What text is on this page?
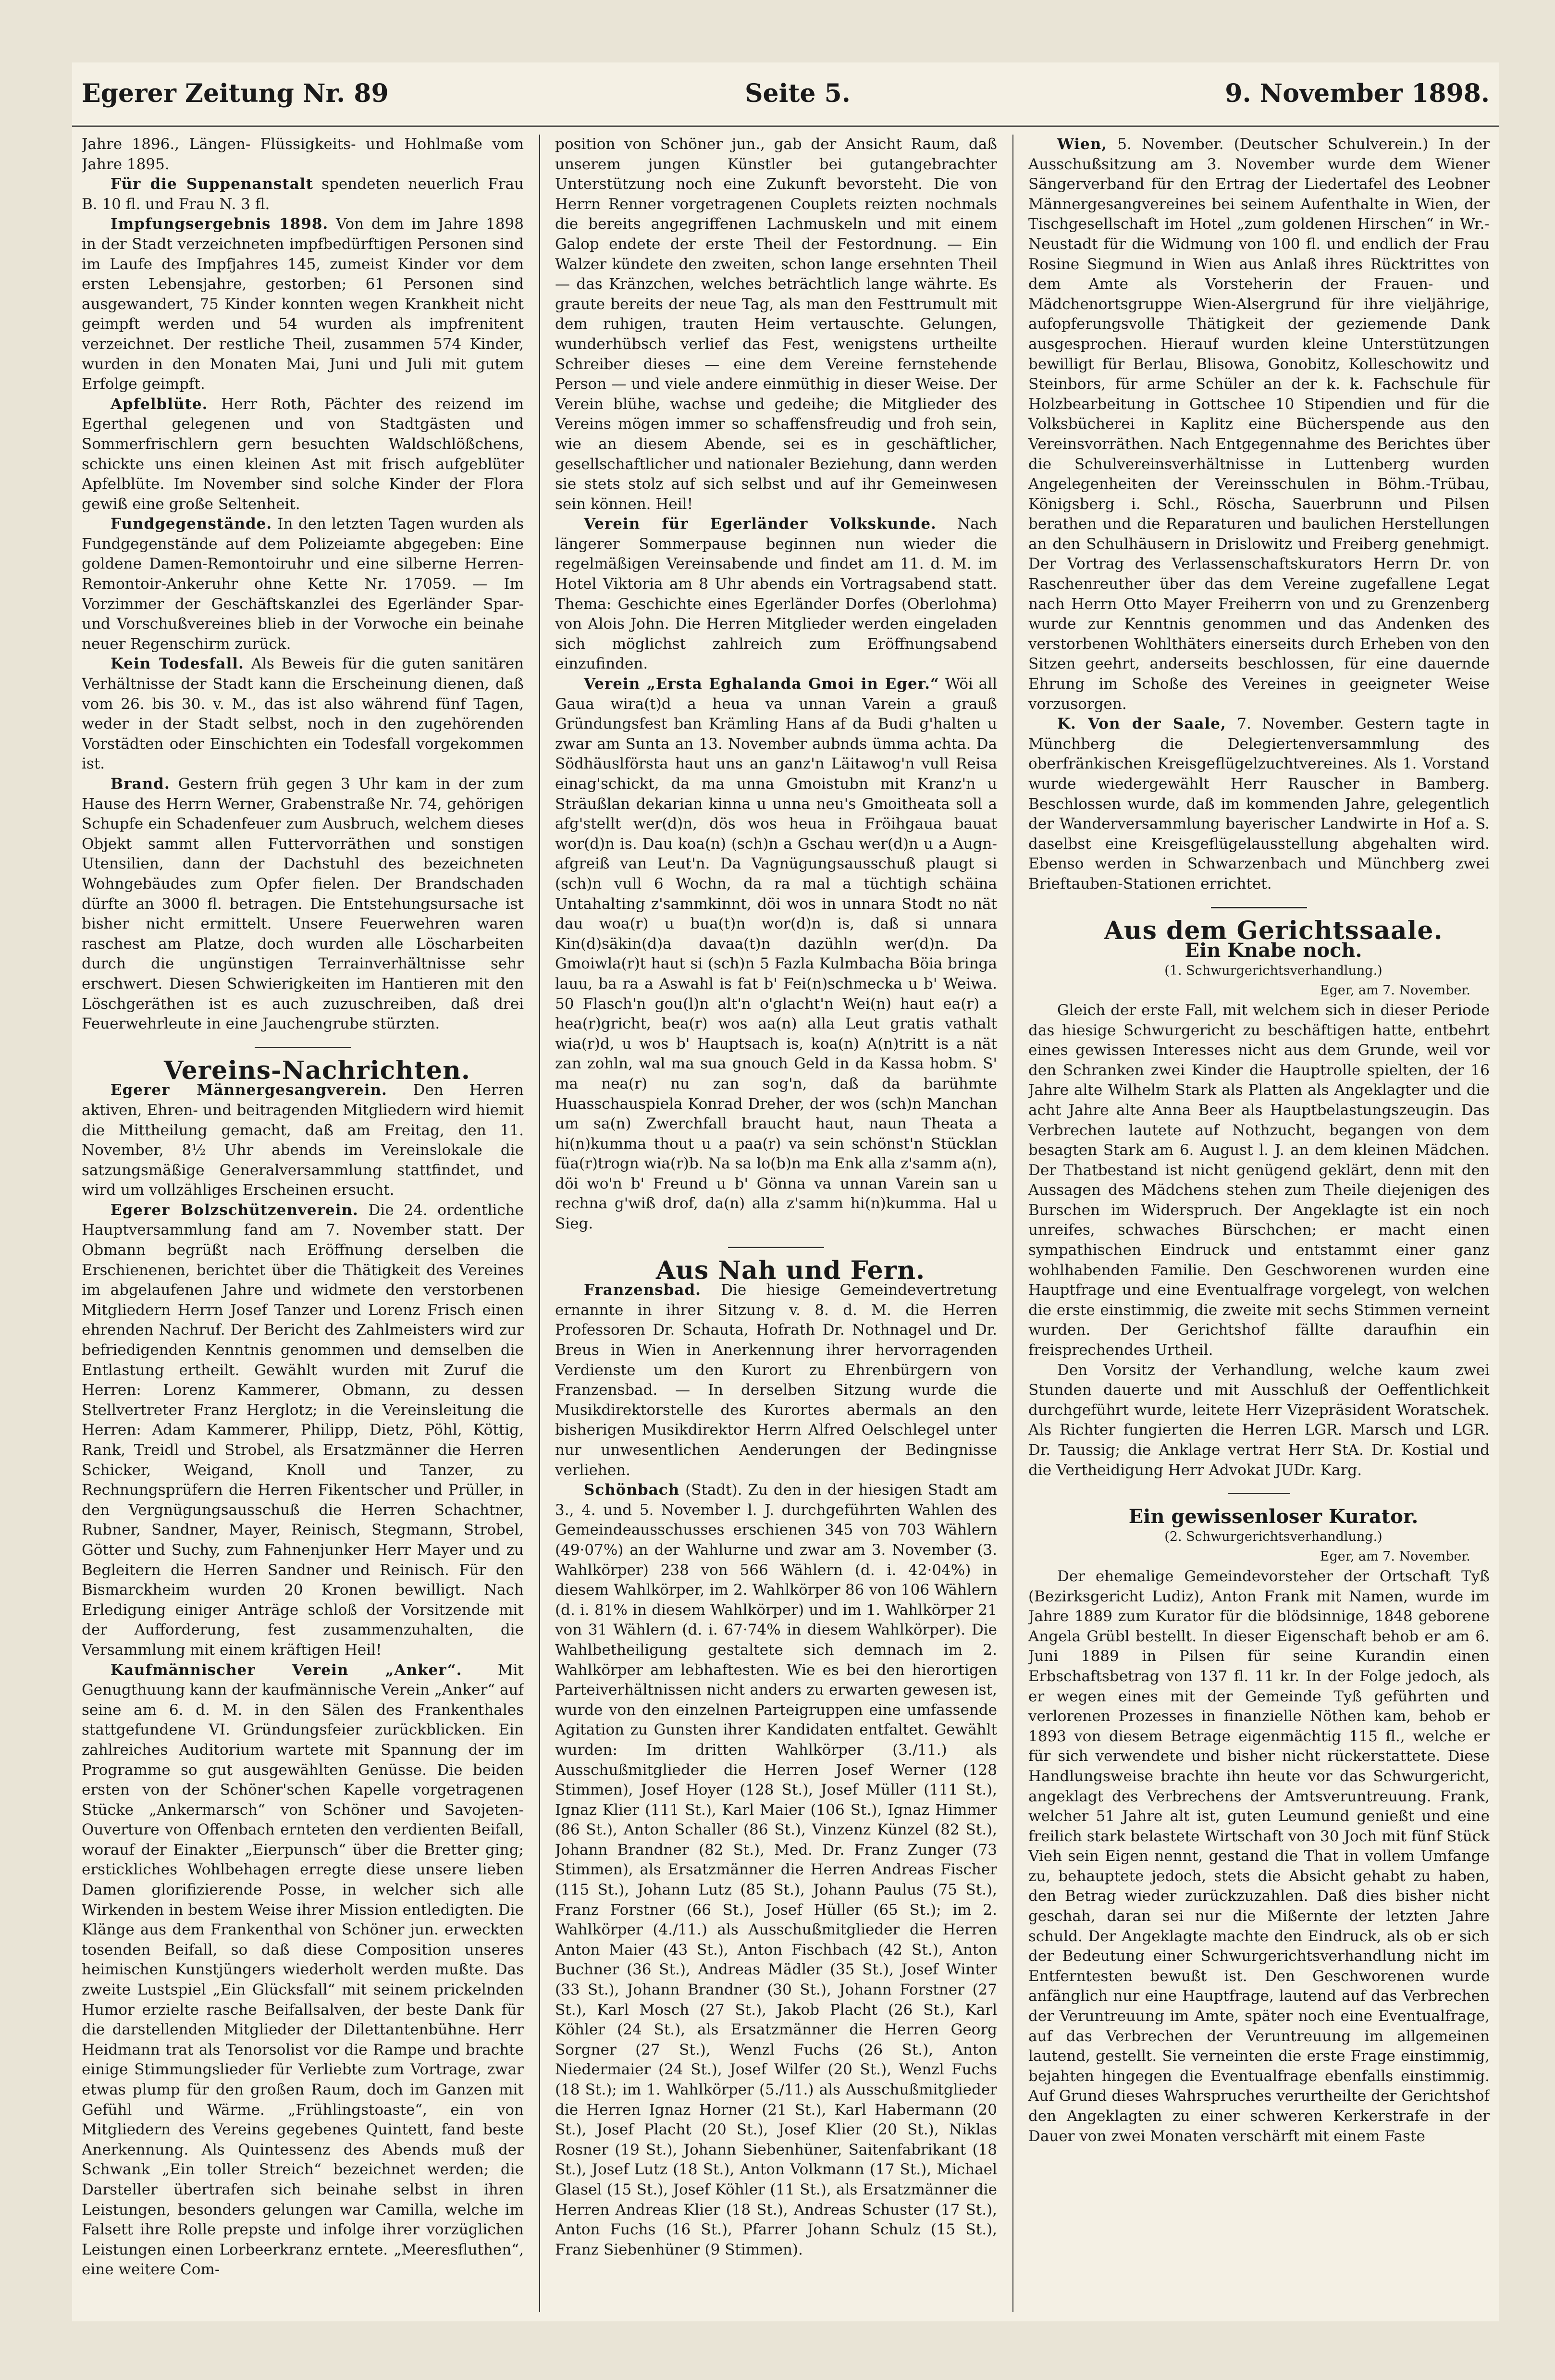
Egerer Zeitung Nr. 89	Seite 5.	9. November 1898.

Jahre 1896., Längen- Flüssigkeits- und Hohlmaße vom Jahre 1895.

Für die Suppenanstalt spendeten neuerlich Frau B. 10 fl. und Frau N. 3 fl.

Impfungsergebnis 1898. Von dem im Jahre 1898 in der Stadt verzeichneten impfbedürftigen Personen sind im Laufe des Impfjahres 145, zumeist Kinder vor dem ersten Lebensjahre, gestorben; 61 Personen sind ausgewandert, 75 Kinder konnten wegen Krankheit nicht geimpft werden und 54 wurden als impfrenitent verzeichnet. Der restliche Theil, zusammen 574 Kinder, wurden in den Monaten Mai, Juni und Juli mit gutem Erfolge geimpft.

Apfelblüte. Herr Roth, Pächter des reizend im Egerthal gelegenen und von Stadtgästen und Sommerfrischlern gern besuchten Waldschlößchens, schickte uns einen kleinen Ast mit frisch aufgeblüter Apfelblüte. Im November sind solche Kinder der Flora gewiß eine große Seltenheit.

Fundgegenstände. In den letzten Tagen wurden als Fundgegenstände auf dem Polizeiamte abgegeben: Eine goldene Damen-Remontoiruhr und eine silberne Herren-Remontoir-Ankeruhr ohne Kette Nr. 17059. — Im Vorzimmer der Geschäftskanzlei des Egerländer Spar- und Vorschußvereines blieb in der Vorwoche ein beinahe neuer Regenschirm zurück.

Kein Todesfall. Als Beweis für die guten sanitären Verhältnisse der Stadt kann die Erscheinung dienen, daß vom 26. bis 30. v. M., das ist also während fünf Tagen, weder in der Stadt selbst, noch in den zugehörenden Vorstädten oder Einschichten ein Todesfall vorgekommen ist.

Brand. Gestern früh gegen 3 Uhr kam in der zum Hause des Herrn Werner, Grabenstraße Nr. 74, gehörigen Schupfe ein Schadenfeuer zum Ausbruch, welchem dieses Objekt sammt allen Futtervorräthen und sonstigen Utensilien, dann der Dachstuhl des bezeichneten Wohngebäudes zum Opfer fielen. Der Brandschaden dürfte an 3000 fl. betragen. Die Entstehungsursache ist bisher nicht ermittelt. Unsere Feuerwehren waren raschest am Platze, doch wurden alle Löscharbeiten durch die ungünstigen Terrainverhältnisse sehr erschwert. Diesen Schwierigkeiten im Hantieren mit den Löschgeräthen ist es auch zuzuschreiben, daß drei Feuerwehrleute in eine Jauchengrube stürzten.

Vereins-Nachrichten.

Egerer Männergesangverein. Den Herren aktiven, Ehren- und beitragenden Mitgliedern wird hiemit die Mittheilung gemacht, daß am Freitag, den 11. November, 8½ Uhr abends im Vereinslokale die satzungsmäßige Generalversammlung stattfindet, und wird um vollzähliges Erscheinen ersucht.

Egerer Bolzschützenverein. Die 24. ordentliche Hauptversammlung fand am 7. November statt. Der Obmann begrüßt nach Eröffnung derselben die Erschienenen, berichtet über die Thätigkeit des Vereines im abgelaufenen Jahre und widmete den verstorbenen Mitgliedern Herrn Josef Tanzer und Lorenz Frisch einen ehrenden Nachruf. Der Bericht des Zahlmeisters wird zur befriedigenden Kenntnis genommen und demselben die Entlastung ertheilt. Gewählt wurden mit Zuruf die Herren: Lorenz Kammerer, Obmann, zu dessen Stellvertreter Franz Herglotz; in die Vereinsleitung die Herren: Adam Kammerer, Philipp, Dietz, Pöhl, Köttig, Rank, Treidl und Strobel, als Ersatzmänner die Herren Schicker, Weigand, Knoll und Tanzer, zu Rechnungsprüfern die Herren Fikentscher und Prüller, in den Vergnügungsausschuß die Herren Schachtner, Rubner, Sandner, Mayer, Reinisch, Stegmann, Strobel, Götter und Suchy, zum Fahnenjunker Herr Mayer und zu Begleitern die Herren Sandner und Reinisch. Für den Bismarckheim wurden 20 Kronen bewilligt. Nach Erledigung einiger Anträge schloß der Vorsitzende mit der Aufforderung, fest zusammenzuhalten, die Versammlung mit einem kräftigen Heil!

Kaufmännischer Verein „Anker“. Mit Genugthuung kann der kaufmännische Verein „Anker“ auf seine am 6. d. M. in den Sälen des Frankenthales stattgefundene VI. Gründungsfeier zurückblicken. Ein zahlreiches Auditorium wartete mit Spannung der im Programme so gut ausgewählten Genüsse. Die beiden ersten von der Schöner'schen Kapelle vorgetragenen Stücke „Ankermarsch“ von Schöner und Savojeten-Ouverture von Offenbach ernteten den verdienten Beifall, worauf der Einakter „Eierpunsch“ über die Bretter ging; erstickliches Wohlbehagen erregte diese unsere lieben Damen glorifizierende Posse, in welcher sich alle Wirkenden in bestem Weise ihrer Mission entledigten. Die Klänge aus dem Frankenthal von Schöner jun. erweckten tosenden Beifall, so daß diese Composition unseres heimischen Kunstjüngers wiederholt werden mußte. Das zweite Lustspiel „Ein Glücksfall“ mit seinem prickelnden Humor erzielte rasche Beifallsalven, der beste Dank für die darstellenden Mitglieder der Dilettantenbühne. Herr Heidmann trat als Tenorsolist vor die Rampe und brachte einige Stimmungslieder für Verliebte zum Vortrage, zwar etwas plump für den großen Raum, doch im Ganzen mit Gefühl und Wärme. „Frühlingstoaste“, ein von Mitgliedern des Vereins gegebenes Quintett, fand beste Anerkennung. Als Quintessenz des Abends muß der Schwank „Ein toller Streich“ bezeichnet werden; die Darsteller übertrafen sich beinahe selbst in ihren Leistungen, besonders gelungen war Camilla, welche im Falsett ihre Rolle prepste und infolge ihrer vorzüglichen Leistungen einen Lorbeerkranz erntete. „Meeresfluthen“, eine weitere Com-

position von Schöner jun., gab der Ansicht Raum, daß unserem jungen Künstler bei gutangebrachter Unterstützung noch eine Zukunft bevorsteht. Die von Herrn Renner vorgetragenen Couplets reizten nochmals die bereits angegriffenen Lachmuskeln und mit einem Galop endete der erste Theil der Festordnung. — Ein Walzer kündete den zweiten, schon lange ersehnten Theil — das Kränzchen, welches beträchtlich lange währte. Es graute bereits der neue Tag, als man den Festtrumult mit dem ruhigen, trauten Heim vertauschte. Gelungen, wunderhübsch verlief das Fest, wenigstens urtheilte Schreiber dieses — eine dem Vereine fernstehende Person — und viele andere einmüthig in dieser Weise. Der Verein blühe, wachse und gedeihe; die Mitglieder des Vereins mögen immer so schaffensfreudig und froh sein, wie an diesem Abende, sei es in geschäftlicher, gesellschaftlicher und nationaler Beziehung, dann werden sie stets stolz auf sich selbst und auf ihr Gemeinwesen sein können. Heil!

Verein für Egerländer Volkskunde. Nach längerer Sommerpause beginnen nun wieder die regelmäßigen Vereinsabende und findet am 11. d. M. im Hotel Viktoria am 8 Uhr abends ein Vortragsabend statt. Thema: Geschichte eines Egerländer Dorfes (Oberlohma) von Alois John. Die Herren Mitglieder werden eingeladen sich möglichst zahlreich zum Eröffnungsabend einzufinden.

Verein „Ersta Eghalanda Gmoi in Eger.“ Wöi all Gaua wira(t)d a heua va unnan Varein a grauß Gründungsfest ban Krämling Hans af da Budi g'halten u zwar am Sunta an 13. November aubnds ümma achta. Da Södhäuslförsta haut uns an ganz'n Läitawog'n vull Reisa einag'schickt, da ma unna Gmoistubn mit Kranz'n u Sträußlan dekarian kinna u unna neu's Gmoitheata soll a afg'stellt wer(d)n, dös wos heua in Fröihgaua bauat wor(d)n is. Dau koa(n) (sch)n a Gschau wer(d)n u a Augn-afgreiß van Leut'n. Da Vagnügungsausschuß plaugt si (sch)n vull 6 Wochn, da ra mal a tüchtigh schäina Untahalting z'sammkinnt, döi wos in unnara Stodt no nät dau woa(r) u bua(t)n wor(d)n is, daß si unnara Kin(d)säkin(d)a davaa(t)n dazühln wer(d)n. Da Gmoiwla(r)t haut si (sch)n 5 Fazla Kulmbacha Böia bringa lauu, ba ra a Aswahl is fat b' Fei(n)schmecka u b' Weiwa. 50 Flasch'n gou(l)n alt'n o'glacht'n Wei(n) haut ea(r) a hea(r)gricht, bea(r) wos aa(n) alla Leut gratis vathalt wia(r)d, u wos b' Hauptsach is, koa(n) A(n)tritt is a nät zan zohln, wal ma sua gnouch Geld in da Kassa hobm. S' ma nea(r) nu zan sog'n, daß da barühmte Huasschauspiela Konrad Dreher, der wos (sch)n Manchan um sa(n) Zwerchfall braucht haut, naun Theata a hi(n)kumma thout u a paa(r) va sein schönst'n Stücklan füa(r)trogn wia(r)b. Na sa lo(b)n ma Enk alla z'samm a(n), döi wo'n b' Freund u b' Gönna va unnan Varein san u rechna g'wiß drof, da(n) alla z'samm hi(n)kumma. Hal u Sieg.

Aus Nah und Fern.

Franzensbad. Die hiesige Gemeindevertretung ernannte in ihrer Sitzung v. 8. d. M. die Herren Professoren Dr. Schauta, Hofrath Dr. Nothnagel und Dr. Breus in Wien in Anerkennung ihrer hervorragenden Verdienste um den Kurort zu Ehrenbürgern von Franzensbad. — In derselben Sitzung wurde die Musikdirektorstelle des Kurortes abermals an den bisherigen Musikdirektor Herrn Alfred Oelschlegel unter nur unwesentlichen Aenderungen der Bedingnisse verliehen.

Schönbach (Stadt). Zu den in der hiesigen Stadt am 3., 4. und 5. November l. J. durchgeführten Wahlen des Gemeindeausschusses erschienen 345 von 703 Wählern (49·07%) an der Wahlurne und zwar am 3. November (3. Wahlkörper) 238 von 566 Wählern (d. i. 42·04%) in diesem Wahlkörper, im 2. Wahlkörper 86 von 106 Wählern (d. i. 81% in diesem Wahlkörper) und im 1. Wahlkörper 21 von 31 Wählern (d. i. 67·74% in diesem Wahlkörper). Die Wahlbetheiligung gestaltete sich demnach im 2. Wahlkörper am lebhaftesten. Wie es bei den hierortigen Parteiverhältnissen nicht anders zu erwarten gewesen ist, wurde von den einzelnen Parteigruppen eine umfassende Agitation zu Gunsten ihrer Kandidaten entfaltet. Gewählt wurden: Im dritten Wahlkörper (3./11.) als Ausschußmitglieder die Herren Josef Werner (128 Stimmen), Josef Hoyer (128 St.), Josef Müller (111 St.), Ignaz Klier (111 St.), Karl Maier (106 St.), Ignaz Himmer (86 St.), Anton Schaller (86 St.), Vinzenz Künzel (82 St.), Johann Brandner (82 St.), Med. Dr. Franz Zunger (73 Stimmen), als Ersatzmänner die Herren Andreas Fischer (115 St.), Johann Lutz (85 St.), Johann Paulus (75 St.), Franz Forstner (66 St.), Josef Hüller (65 St.); im 2. Wahlkörper (4./11.) als Ausschußmitglieder die Herren Anton Maier (43 St.), Anton Fischbach (42 St.), Anton Buchner (36 St.), Andreas Mädler (35 St.), Josef Winter (33 St.), Johann Brandner (30 St.), Johann Forstner (27 St.), Karl Mosch (27 St.), Jakob Placht (26 St.), Karl Köhler (24 St.), als Ersatzmänner die Herren Georg Sorgner (27 St.), Wenzl Fuchs (26 St.), Anton Niedermaier (24 St.), Josef Wilfer (20 St.), Wenzl Fuchs (18 St.); im 1. Wahlkörper (5./11.) als Ausschußmitglieder die Herren Ignaz Horner (21 St.), Karl Habermann (20 St.), Josef Placht (20 St.), Josef Klier (20 St.), Niklas Rosner (19 St.), Johann Siebenhüner, Saitenfabrikant (18 St.), Josef Lutz (18 St.), Anton Volkmann (17 St.), Michael Glasel (15 St.), Josef Köhler (11 St.), als Ersatzmänner die Herren Andreas Klier (18 St.), Andreas Schuster (17 St.), Anton Fuchs (16 St.), Pfarrer Johann Schulz (15 St.), Franz Siebenhüner (9 Stimmen).

Wien, 5. November. (Deutscher Schulverein.) In der Ausschußsitzung am 3. November wurde dem Wiener Sängerverband für den Ertrag der Liedertafel des Leobner Männergesangvereines bei seinem Aufenthalte in Wien, der Tischgesellschaft im Hotel „zum goldenen Hirschen“ in Wr.-Neustadt für die Widmung von 100 fl. und endlich der Frau Rosine Siegmund in Wien aus Anlaß ihres Rücktrittes von dem Amte als Vorsteherin der Frauen- und Mädchenortsgruppe Wien-Alsergrund für ihre vieljährige, aufopferungsvolle Thätigkeit der geziemende Dank ausgesprochen. Hierauf wurden kleine Unterstützungen bewilligt für Berlau, Blisowa, Gonobitz, Kolleschowitz und Steinbors, für arme Schüler an der k. k. Fachschule für Holzbearbeitung in Gottschee 10 Stipendien und für die Volksbücherei in Kaplitz eine Bücherspende aus den Vereinsvorräthen. Nach Entgegennahme des Berichtes über die Schulvereinsverhältnisse in Luttenberg wurden Angelegenheiten der Vereinsschulen in Böhm.-Trübau, Königsberg i. Schl., Röscha, Sauerbrunn und Pilsen berathen und die Reparaturen und baulichen Herstellungen an den Schulhäusern in Drislowitz und Freiberg genehmigt. Der Vortrag des Verlassenschaftskurators Herrn Dr. von Raschenreuther über das dem Vereine zugefallene Legat nach Herrn Otto Mayer Freiherrn von und zu Grenzenberg wurde zur Kenntnis genommen und das Andenken des verstorbenen Wohlthäters einerseits durch Erheben von den Sitzen geehrt, anderseits beschlossen, für eine dauernde Ehrung im Schoße des Vereines in geeigneter Weise vorzusorgen.

K. Von der Saale, 7. November. Gestern tagte in Münchberg die Delegiertenversammlung des oberfränkischen Kreisgeflügelzuchtvereines. Als 1. Vorstand wurde wiedergewählt Herr Rauscher in Bamberg. Beschlossen wurde, daß im kommenden Jahre, gelegentlich der Wanderversammlung bayerischer Landwirte in Hof a. S. daselbst eine Kreisgeflügelausstellung abgehalten wird. Ebenso werden in Schwarzenbach und Münchberg zwei Brieftauben-Stationen errichtet.

Aus dem Gerichtssaale.

Ein Knabe noch.

(1. Schwurgerichtsverhandlung.)

Eger, am 7. November.

Gleich der erste Fall, mit welchem sich in dieser Periode das hiesige Schwurgericht zu beschäftigen hatte, entbehrt eines gewissen Interesses nicht aus dem Grunde, weil vor den Schranken zwei Kinder die Hauptrolle spielten, der 16 Jahre alte Wilhelm Stark als Platten als Angeklagter und die acht Jahre alte Anna Beer als Hauptbelastungszeugin. Das Verbrechen lautete auf Nothzucht, begangen von dem besagten Stark am 6. August l. J. an dem kleinen Mädchen. Der Thatbestand ist nicht genügend geklärt, denn mit den Aussagen des Mädchens stehen zum Theile diejenigen des Burschen im Widerspruch. Der Angeklagte ist ein noch unreifes, schwaches Bürschchen; er macht einen sympathischen Eindruck und entstammt einer ganz wohlhabenden Familie. Den Geschworenen wurden eine Hauptfrage und eine Eventualfrage vorgelegt, von welchen die erste einstimmig, die zweite mit sechs Stimmen verneint wurden. Der Gerichtshof fällte daraufhin ein freisprechendes Urtheil.

Den Vorsitz der Verhandlung, welche kaum zwei Stunden dauerte und mit Ausschluß der Oeffentlichkeit durchgeführt wurde, leitete Herr Vizepräsident Woratschek. Als Richter fungierten die Herren LGR. Marsch und LGR. Dr. Taussig; die Anklage vertrat Herr StA. Dr. Kostial und die Vertheidigung Herr Advokat JUDr. Karg.

Ein gewissenloser Kurator.

(2. Schwurgerichtsverhandlung.)

Eger, am 7. November.

Der ehemalige Gemeindevorsteher der Ortschaft Tyß (Bezirksgericht Ludiz), Anton Frank mit Namen, wurde im Jahre 1889 zum Kurator für die blödsinnige, 1848 geborene Angela Grübl bestellt. In dieser Eigenschaft behob er am 6. Juni 1889 in Pilsen für seine Kurandin einen Erbschaftsbetrag von 137 fl. 11 kr. In der Folge jedoch, als er wegen eines mit der Gemeinde Tyß geführten und verlorenen Prozesses in finanzielle Nöthen kam, behob er 1893 von diesem Betrage eigenmächtig 115 fl., welche er für sich verwendete und bisher nicht rückerstattete. Diese Handlungsweise brachte ihn heute vor das Schwurgericht, angeklagt des Verbrechens der Amtsveruntreuung. Frank, welcher 51 Jahre alt ist, guten Leumund genießt und eine freilich stark belastete Wirtschaft von 30 Joch mit fünf Stück Vieh sein Eigen nennt, gestand die That in vollem Umfange zu, behauptete jedoch, stets die Absicht gehabt zu haben, den Betrag wieder zurückzuzahlen. Daß dies bisher nicht geschah, daran sei nur die Mißernte der letzten Jahre schuld. Der Angeklagte machte den Eindruck, als ob er sich der Bedeutung einer Schwurgerichtsverhandlung nicht im Entferntesten bewußt ist. Den Geschworenen wurde anfänglich nur eine Hauptfrage, lautend auf das Verbrechen der Veruntreuung im Amte, später noch eine Eventualfrage, auf das Verbrechen der Veruntreuung im allgemeinen lautend, gestellt. Sie verneinten die erste Frage einstimmig, bejahten hingegen die Eventualfrage ebenfalls einstimmig. Auf Grund dieses Wahrspruches verurtheilte der Gerichtshof den Angeklagten zu einer schweren Kerkerstrafe in der Dauer von zwei Monaten verschärft mit einem Faste
